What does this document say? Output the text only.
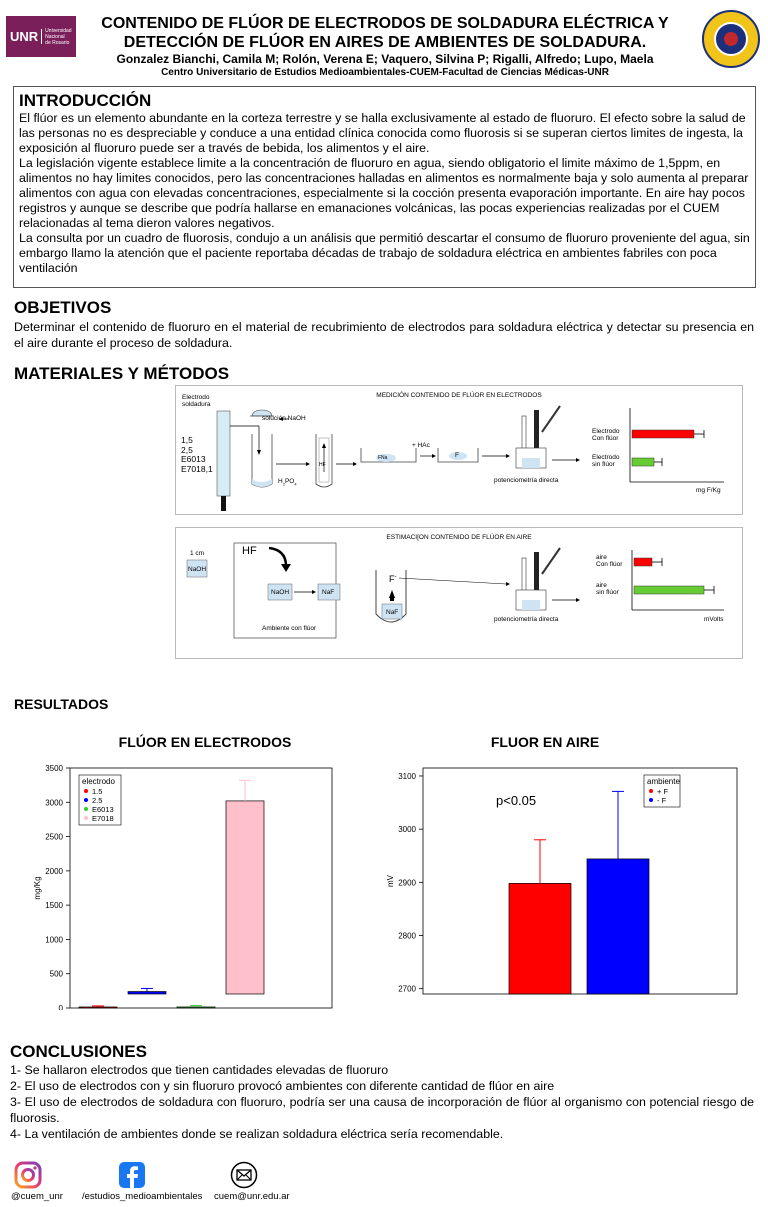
UNR	Universidad
Nacional
de Rosario
CONTENIDO DE FLÚOR DE ELECTRODOS DE SOLDADURA ELÉCTRICA Y
DETECCIÓN DE FLÚOR EN AIRES DE AMBIENTES DE SOLDADURA.
Gonzalez Bianchi, Camila M; Rolón, Verena E; Vaquero, Silvina P; Rigalli, Alfredo; Lupo, Maela
Centro Universitario de Estudios Medioambientales-CUEM-Facultad de Ciencias Médicas-UNR
INTRODUCCIÓN

El flúor es un elemento abundante en la corteza terrestre y se halla exclusivamente al estado de fluoruro. El efecto sobre la salud de las personas no es despreciable y conduce a una entidad clínica conocida como fluorosis si se superan ciertos limites de ingesta, la exposición al fluoruro puede ser a través de bebida, los alimentos y el aire.

La legislación vigente establece limite a la concentración de fluoruro en agua, siendo obligatorio el limite máximo de 1,5ppm, en alimentos no hay limites conocidos, pero las concentraciones halladas en alimentos es normalmente baja y solo aumenta al preparar alimentos con agua con elevadas concentraciones, especialmente si la cocción presenta evaporación importante. En aire hay pocos registros y aunque se describe que podría hallarse en emanaciones volcánicas, las pocas experiencias realizadas por el CUEM relacionadas al tema dieron valores negativos.

La consulta por un cuadro de fluorosis, condujo a un análisis que permitió descartar el consumo de fluoruro proveniente del agua, sin embargo llamo la atención que el paciente reportaba décadas de trabajo de soldadura eléctrica en ambientes fabriles con poca ventilación

OBJETIVOS

Determinar el contenido de fluoruro en el material de recubrimiento de electrodos para soldadura eléctrica y detectar su presencia en el aire durante el proceso de soldadura.

MATERIALES Y MÉTODOS
MEDICIÓN CONTENIDO DE FLÚOR EN ELECTRODOS
Electrodo
soldadura
1,5
2,5
E6013
E7018,1
solución NaOH
$H_2PO_4$
HF
FNa
+ HAc
F
potenciometría directa
Electrodo
Con flúor
Electrodo
sin flúor
mg F/Kg
ESTIMACI[ON CONTENIDO DE FLÚOR EN AIRE
1 cm
NaOH
HF
NaOH	NaF
Ambiente con flúor
F-
NaF
potenciometría directa
aire
Con flúor
aire
sin flúor
mVolts
RESULTADOS
FLÚOR EN ELECTRODOS	FLUOR EN AIRE
0
500
1000
1500
2000
2500
3000
3500
mg/Kg
electrodo
1.5
2.5
E6013
E7018
2700
2800
2900
3000
3100
mV
ambiente
+ F
- F
p<0.05
CONCLUSIONES

1- Se hallaron electrodos que tienen cantidades elevadas de fluoruro

2- El uso de electrodos con y sin fluoruro provocó ambientes con diferente cantidad de flúor en aire

3- El uso de electrodos de soldadura con fluoruro, podría ser una causa de incorporación de flúor al organismo con potencial riesgo de fluorosis.

4- La ventilación de ambientes donde se realizan soldadura eléctrica sería recomendable.

@cuem_unr /estudios_medioambientales cuem@unr.edu.ar
